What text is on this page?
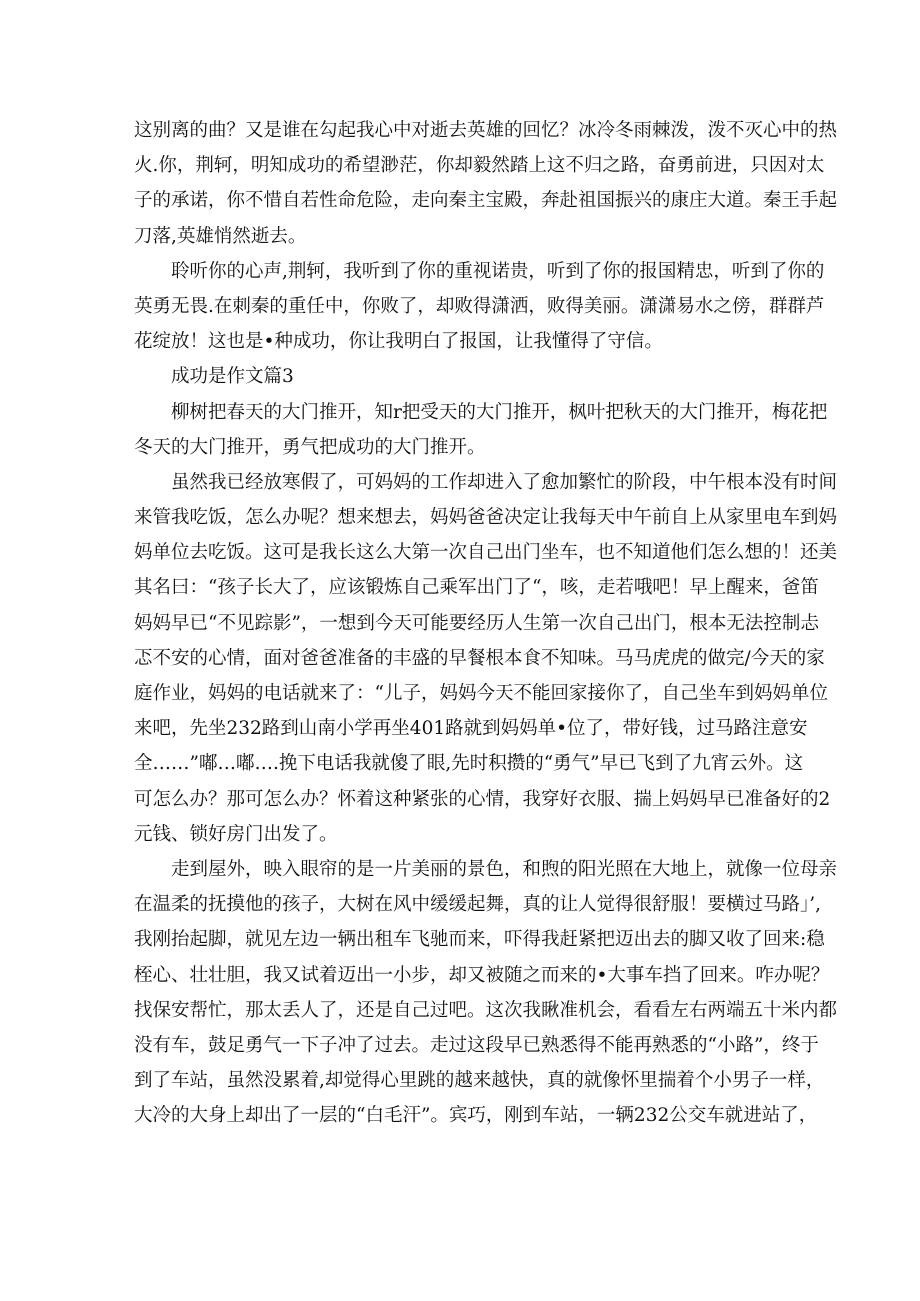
这别离的曲？又是谁在勾起我心中对逝去英雄的回忆？冰冷冬雨棘泼，泼不灭心中的热
火.你，荆轲，明知成功的希望渺茫，你却毅然踏上这不归之路，奋勇前进，只因对太
子的承诺，你不惜自若性命危险，走向秦主宝殿，奔赴祖国振兴的康庄大道。秦王手起
刀落,英雄悄然逝去。
聆听你的心声,荆轲，我听到了你的重视诺贵，听到了你的报国精忠，听到了你的
英勇无畏.在刺秦的重任中，你败了，却败得潇洒，败得美丽。潇潇易水之傍，群群芦
花绽放！这也是•种成功，你让我明白了报国，让我懂得了守信。
成功是作文篇3
柳树把春天的大门推开，知r把受天的大门推开，枫叶把秋天的大门推开，梅花把
冬天的大门推开，勇气把成功的大门推开。
虽然我已经放寒假了，可妈妈的工作却进入了愈加繁忙的阶段，中午根本没有时间
来管我吃饭，怎么办呢？想来想去，妈妈爸爸决定让我每天中午前自上从家里电车到妈
妈单位去吃饭。这可是我长这么大第一次自己出门坐车，也不知道他们怎么想的！还美
其名曰：“孩子长大了，应该锻炼自己乘军出门了“，咳，走若哦吧！早上醒来，爸笛
妈妈早已“不见踪影”，一想到今天可能要经历人生第一次自己出门，根本无法控制忐
忑不安的心情，面对爸爸准备的丰盛的早餐根本食不知味。马马虎虎的做完/今天的家
庭作业，妈妈的电话就来了：“儿子，妈妈今天不能回家接你了，自己坐车到妈妈单位
来吧，先坐232路到山南小学再坐401路就到妈妈单•位了，带好钱，过马路注意安
全……”嘟…嘟….挽下电话我就傻了眼,先时积攒的“勇气”早已飞到了九宵云外。这
可怎么办？那可怎么办？怀着这种紧张的心情，我穿好衣服、揣上妈妈早已准备好的2
元钱、锁好房门出发了。
走到屋外，映入眼帘的是一片美丽的景色，和煦的阳光照在大地上，就像一位母亲
在温柔的抚摸他的孩子，大树在风中缓缓起舞，真的让人觉得很舒服！要横过马路」’,
我刚抬起脚，就见左边一辆出租车飞驰而来，吓得我赶紧把迈出去的脚又收了回来:稳
桎心、壮壮胆，我又试着迈出一小步，却又被随之而来的•大事车挡了回来。咋办呢？
找保安帮忙，那太丢人了，还是自己过吧。这次我瞅准机会，看看左右两端五十米内都
没有车，鼓足勇气一下子冲了过去。走过这段早已熟悉得不能再熟悉的“小路”，终于
到了车站，虽然没累着,却觉得心里跳的越来越快，真的就像怀里揣着个小男子一样，
大冷的大身上却出了一层的“白毛汗”。宾巧，刚到车站，一辆232公交车就进站了，
